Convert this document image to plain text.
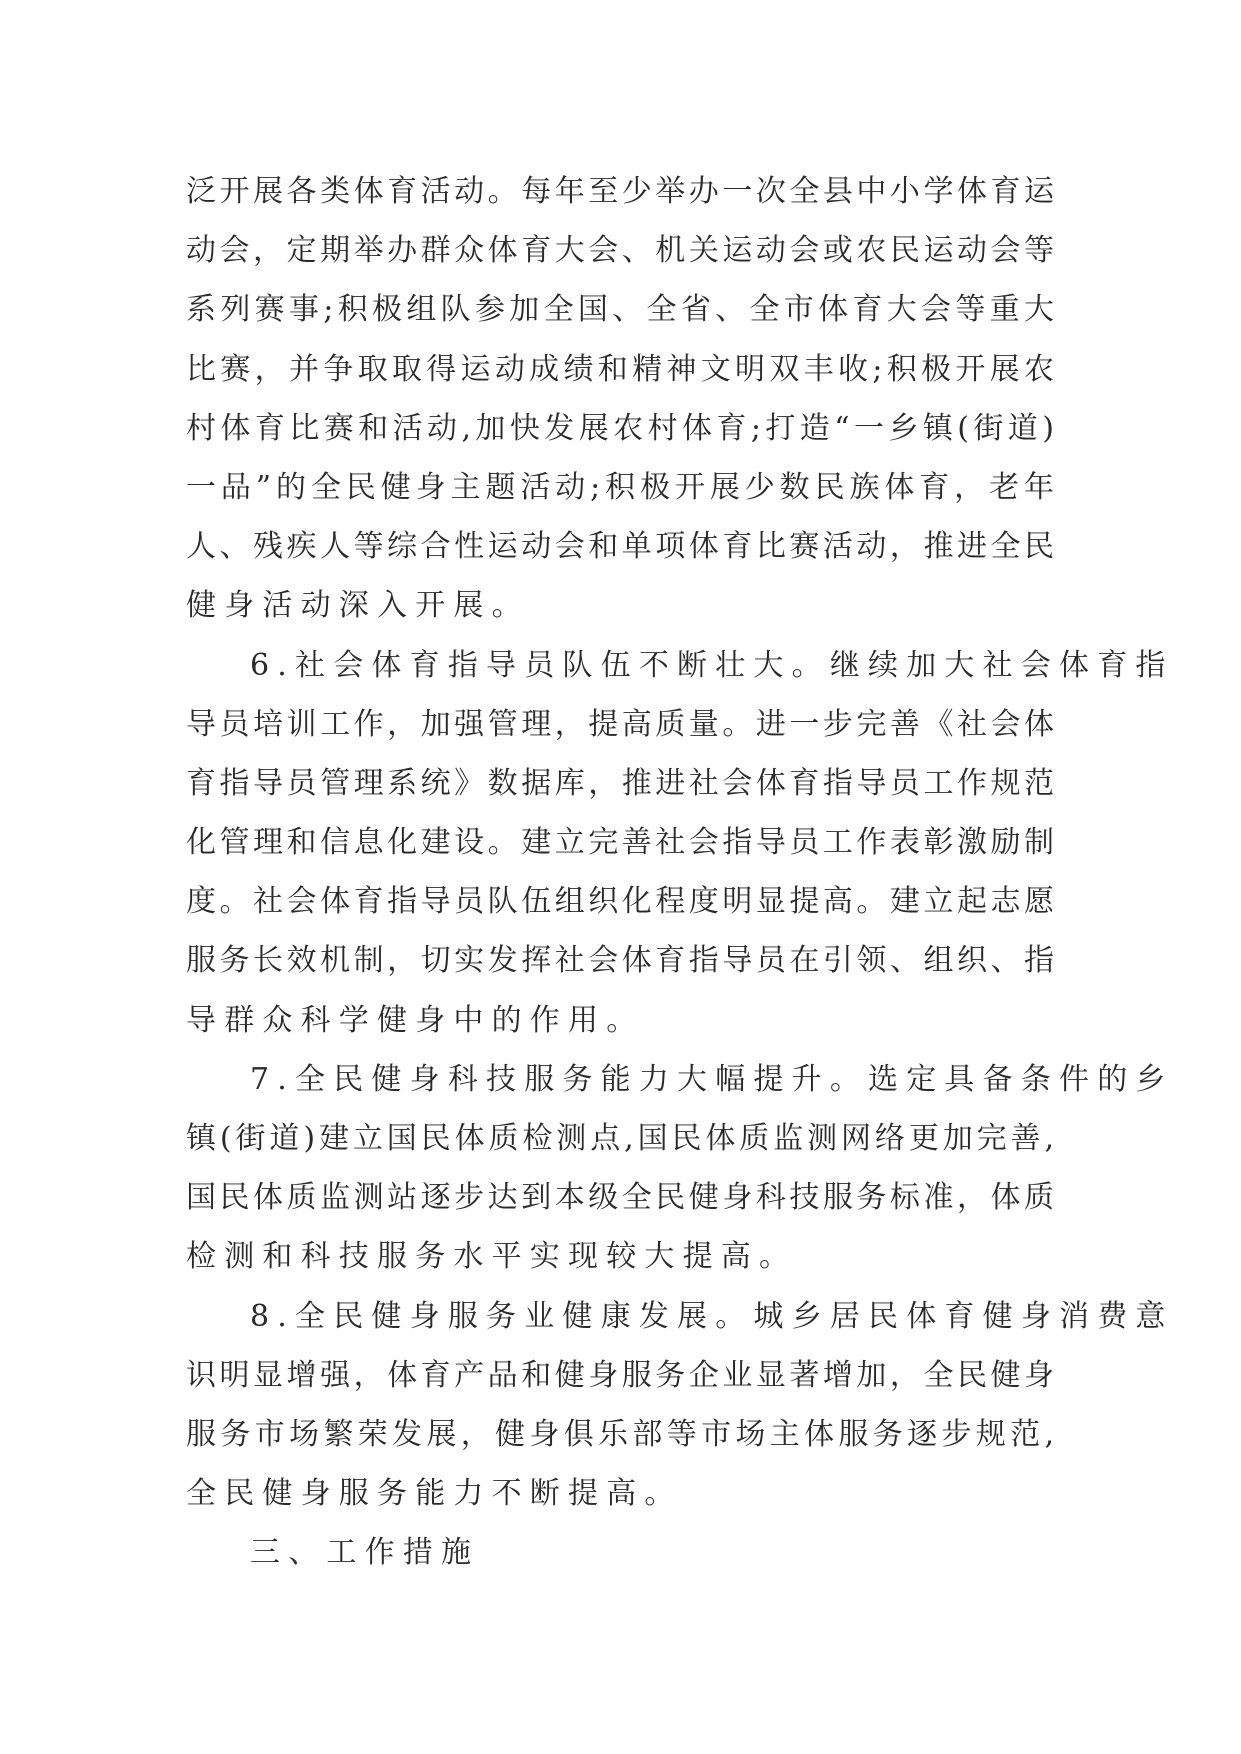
泛开展各类体育活动。每年至少举办一次全县中小学体育运
动会，定期举办群众体育大会、机关运动会或农民运动会等
系列赛事;积极组队参加全国、全省、全市体育大会等重大
比赛，并争取取得运动成绩和精神文明双丰收;积极开展农
村体育比赛和活动,加快发展农村体育;打造“一乡镇(街道)
一品”的全民健身主题活动;积极开展少数民族体育，老年
人、残疾人等综合性运动会和单项体育比赛活动，推进全民
健身活动深入开展。
6.社会体育指导员队伍不断壮大。继续加大社会体育指
导员培训工作，加强管理，提高质量。进一步完善《社会体
育指导员管理系统》数据库，推进社会体育指导员工作规范
化管理和信息化建设。建立完善社会指导员工作表彰激励制
度。社会体育指导员队伍组织化程度明显提高。建立起志愿
服务长效机制，切实发挥社会体育指导员在引领、组织、指
导群众科学健身中的作用。
7.全民健身科技服务能力大幅提升。选定具备条件的乡
镇(街道)建立国民体质检测点,国民体质监测网络更加完善,
国民体质监测站逐步达到本级全民健身科技服务标准，体质
检测和科技服务水平实现较大提高。
8.全民健身服务业健康发展。城乡居民体育健身消费意
识明显增强，体育产品和健身服务企业显著增加，全民健身
服务市场繁荣发展，健身俱乐部等市场主体服务逐步规范,
全民健身服务能力不断提高。
三、工作措施
